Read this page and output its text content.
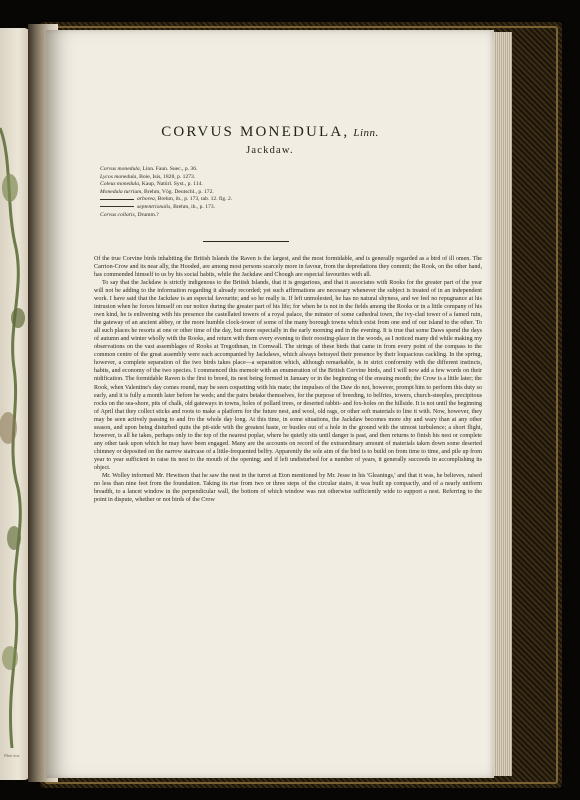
Plate text
CORVUS MONEDULA, Linn.
Jackdaw.
Corvus monedula, Linn. Faun. Suec., p. 36.
Lycos monedula, Boie, Isis, 1828, p. 1273.
Coleus monedula, Kaup, Natürl. Syst., p. 114.
Monedula turrium, Brehm, Vög. Deutschl., p. 172.
arborea, Brehm, ib., p. 173, tab. 12. fig. 2.
septentrionalis, Brehm, ib., p. 173.
Corvus collaris, Drumm.?

Of the true Corvine birds inhabiting the British Islands the Raven is the largest, and the most formidable, and is generally regarded as a bird of ill omen. The Carrion-Crow and its near ally, the Hooded, are among most persons scarcely more in favour, from the depredations they commit; the Rook, on the other hand, has commended himself to us by his social habits, while the Jackdaw and Chough are especial favourites with all.

To say that the Jackdaw is strictly indigenous to the British Islands, that it is gregarious, and that it associates with Rooks for the greater part of the year will not be adding to the information regarding it already recorded; yet such affirmations are necessary whenever the subject is treated of in an independent work. I have said that the Jackdaw is an especial favourite; and so he really is. If left unmolested, he has no natural shyness, and we feel no repugnance at his intrusion when he forces himself on our notice during the greater part of his life; for when he is not in the fields among the Rooks or in a little company of his own kind, he is enlivening with his presence the castellated towers of a royal palace, the minster of some cathedral town, the ivy-clad tower of a famed ruin, the gateway of an ancient abbey, or the more humble clock-tower of some of the many borough towns which exist from one end of our island to the other. To all such places he resorts at one or other time of the day, but more especially in the early morning and in the evening. It is true that some Daws spend the days of autumn and winter wholly with the Rooks, and return with them every evening to their roosting-place in the woods, as I noticed many did while making my observations on the vast assemblages of Rooks at Tregothnan, in Cornwall. The strings of these birds that came in from every point of the compass to the common centre of the great assembly were each accompanied by Jackdaws, which always betrayed their presence by their loquacious cackling. In the spring, however, a complete separation of the two birds takes place—a separation which, although remarkable, is in strict conformity with the different instincts, habits, and economy of the two species. I commenced this memoir with an enumeration of the British Corvine birds, and I will now add a few words on their nidification. The formidable Raven is the first to breed, its nest being formed in January or in the beginning of the ensuing month; the Crow is a little later; the Rook, when Valentine's day comes round, may be seen coquetting with his mate; the impulses of the Daw do not, however, prompt him to perform this duty so early, and it is fully a month later before he weds; and the pairs betake themselves, for the purpose of breeding, to belfries, towers, church-steeples, precipitous rocks on the sea-shore, pits of chalk, old gateways in towns, holes of pollard trees, or deserted rabbit- and fox-holes on the hillside. It is not until the beginning of April that they collect sticks and roots to make a platform for the future nest, and wool, old rags, or other soft materials to line it with. Now, however, they may be seen actively passing to and fro the whole day long. At this time, in some situations, the Jackdaw becomes more shy and wary than at any other season, and upon being disturbed quits the pit-side with the greatest haste, or bustles out of a hole in the ground with the utmost turbulence; a short flight, however, is all he takes, perhaps only to the top of the nearest poplar, where he quietly sits until danger is past, and then returns to finish his nest or complete any other task upon which he may have been engaged. Many are the accounts on record of the extraordinary amount of materials taken down some deserted chimney or deposited on the narrow staircase of a little-frequented belfry. Apparently the sole aim of the bird is to build on from time to time, and pile up from year to year sufficient to raise its nest to the mouth of the opening; and if left undisturbed for a number of years, it generally succeeds in accomplishing its object.

Mr. Wolley informed Mr. Hewitson that he saw the nest in the turret at Eton mentioned by Mr. Jesse in his 'Gleanings,' and that it was, he believes, raised no less than nine feet from the foundation. Taking its rise from two or three steps of the circular stairs, it was built up compactly, and of a nearly uniform breadth, to a lancet window in the perpendicular wall, the bottom of which window was not otherwise sufficiently wide to support a nest. Referring to the point in dispute, whether or not birds of the Crow
